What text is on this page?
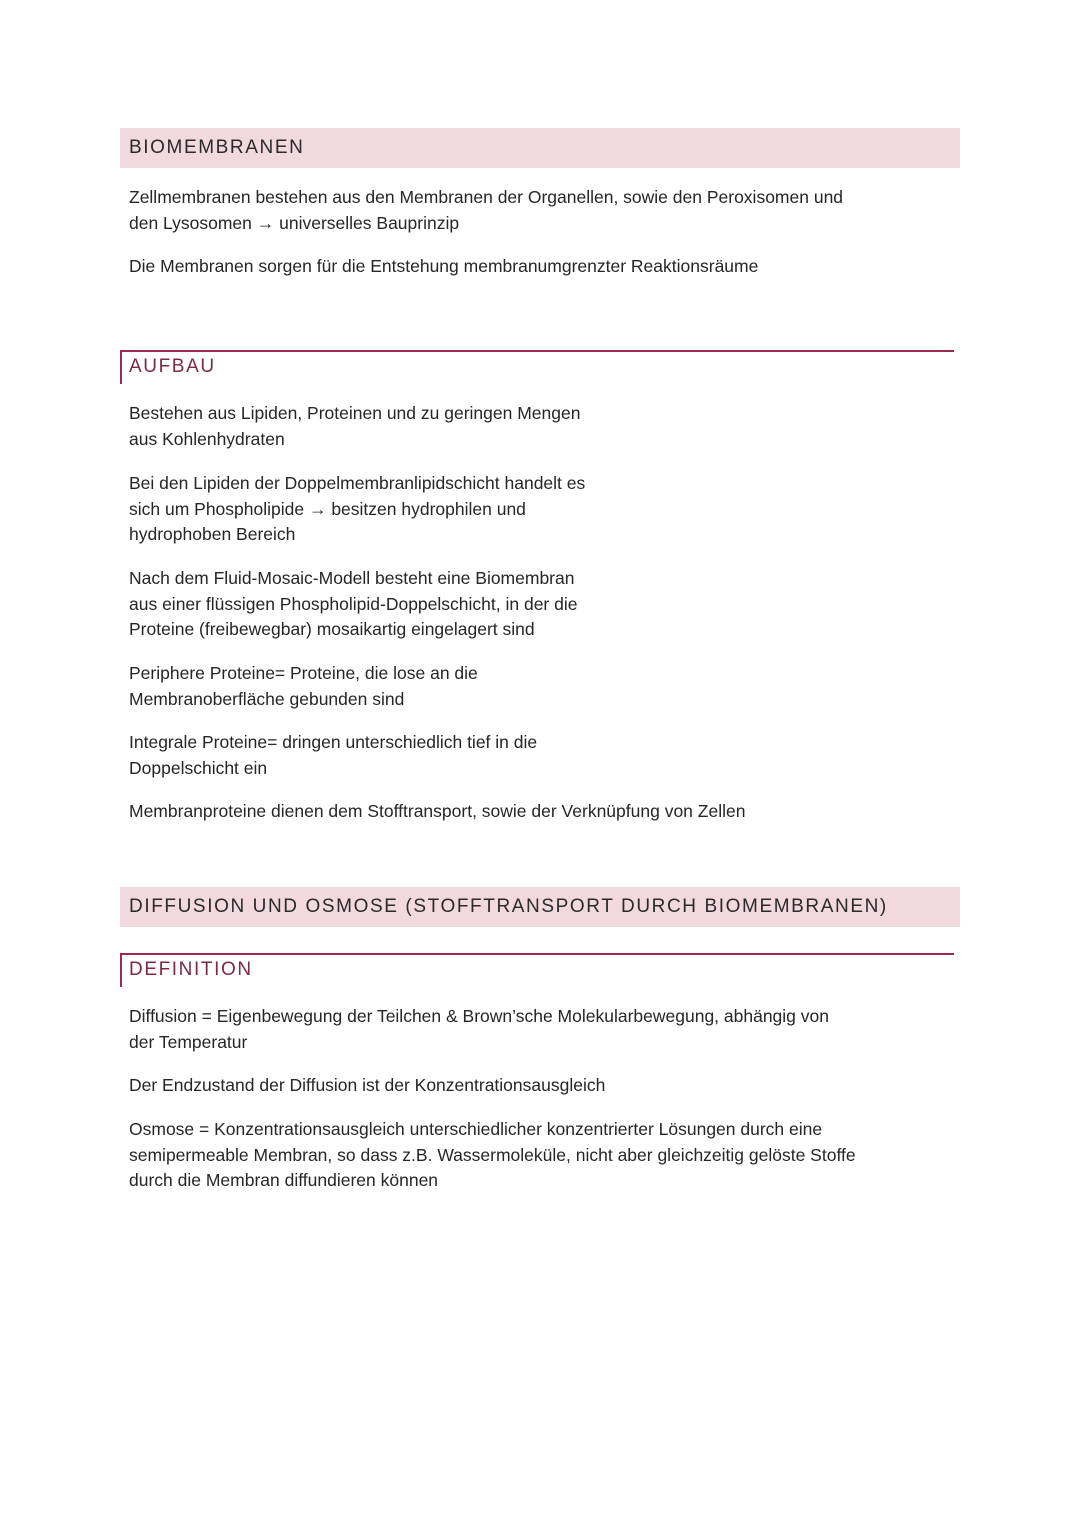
BIOMEMBRANEN

Zellmembranen bestehen aus den Membranen der Organellen, sowie den Peroxisomen und
den Lysosomen → universelles Bauprinzip

Die Membranen sorgen für die Entstehung membranumgrenzter Reaktionsräume

AUFBAU

Bestehen aus Lipiden, Proteinen und zu geringen Mengen
aus Kohlenhydraten

Bei den Lipiden der Doppelmembranlipidschicht handelt es
sich um Phospholipide → besitzen hydrophilen und
hydrophoben Bereich

Nach dem Fluid-Mosaic-Modell besteht eine Biomembran
aus einer flüssigen Phospholipid-Doppelschicht, in der die
Proteine (freibewegbar) mosaikartig eingelagert sind

Periphere Proteine= Proteine, die lose an die
Membranoberfläche gebunden sind

Integrale Proteine= dringen unterschiedlich tief in die
Doppelschicht ein

Membranproteine dienen dem Stofftransport, sowie der Verknüpfung von Zellen

DIFFUSION UND OSMOSE (STOFFTRANSPORT DURCH BIOMEMBRANEN)
DEFINITION

Diffusion = Eigenbewegung der Teilchen & Brown’sche Molekularbewegung, abhängig von
der Temperatur

Der Endzustand der Diffusion ist der Konzentrationsausgleich

Osmose = Konzentrationsausgleich unterschiedlicher konzentrierter Lösungen durch eine
semipermeable Membran, so dass z.B. Wassermoleküle, nicht aber gleichzeitig gelöste Stoffe
durch die Membran diffundieren können
